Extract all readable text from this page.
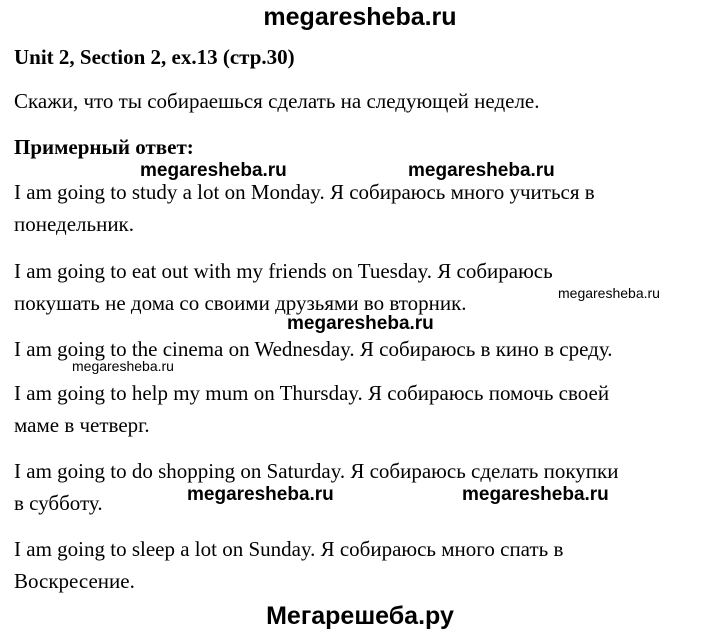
megaresheba.ru
Unit 2, Section 2, ex.13 (стр.30)
Скажи, что ты собираешься сделать на следующей неделе.
Примерный ответ:
I am going to study a lot on Monday. Я собираюсь много учиться в
понедельник.
I am going to eat out with my friends on Tuesday. Я собираюсь
покушать не дома со своими друзьями во вторник.
I am going to the cinema on Wednesday. Я собираюсь в кино в среду.
I am going to help my mum on Thursday. Я собираюсь помочь своей
маме в четверг.
I am going to do shopping on Saturday. Я собираюсь сделать покупки
в субботу.
I am going to sleep a lot on Sunday. Я собираюсь много спать в
Воскресение.
megaresheba.ru	megaresheba.ru
megaresheba.ru
megaresheba.ru
megaresheba.ru
megaresheba.ru	megaresheba.ru
Мегарешеба.ру
